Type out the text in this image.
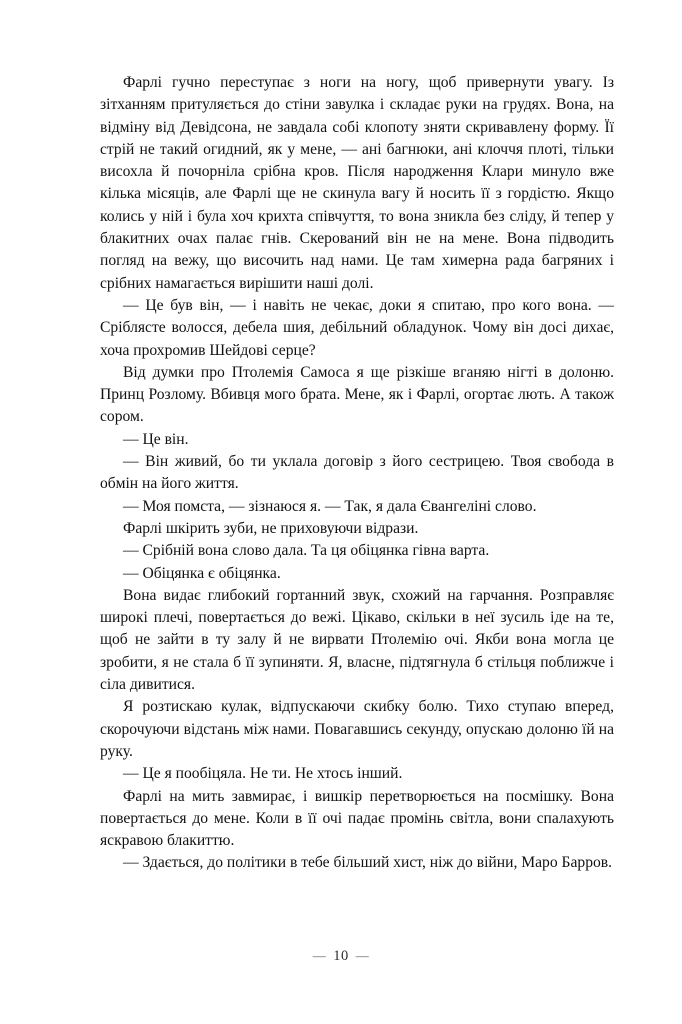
Фарлі гучно переступає з ноги на ногу, щоб привернути увагу. Із зітханням притуляється до стіни завулка і складає руки на грудях. Вона, на відміну від Девідсона, не завдала собі клопоту зняти скривавлену форму. Її стрій не такий огидний, як у мене, — ані багнюки, ані клоччя плоті, тільки висохла й почорніла срібна кров. Після народження Клари минуло вже кілька місяців, але Фарлі ще не скинула вагу й носить її з гордістю. Якщо колись у ній і була хоч крихта співчуття, то вона зникла без сліду, й тепер у блакитних очах палає гнів. Скерований він не на мене. Вона підводить погляд на вежу, що височить над нами. Це там химерна рада багряних і срібних намагається вирішити наші долі.

— Це був він, — і навіть не чекає, доки я спитаю, про кого вона. — Сріблясте волосся, дебела шия, дебільний обладунок. Чому він досі дихає, хоча прохромив Шейдові серце?

Від думки про Птолемія Самоса я ще різкіше вганяю нігті в долоню. Принц Розлому. Вбивця мого брата. Мене, як і Фарлі, огортає лють. А також сором.

— Це він.

— Він живий, бо ти уклала договір з його сестрицею. Твоя свобода в обмін на його життя.

— Моя помста, — зізнаюся я. — Так, я дала Євангеліні слово.

Фарлі шкірить зуби, не приховуючи відрази.

— Срібній вона слово дала. Та ця обіцянка гівна варта.

— Обіцянка є обіцянка.

Вона видає глибокий гортанний звук, схожий на гарчання. Розправляє широкі плечі, повертається до вежі. Цікаво, скільки в неї зусиль іде на те, щоб не зайти в ту залу й не вирвати Птолемію очі. Якби вона могла це зробити, я не стала б її зупиняти. Я, власне, підтягнула б стільця поближче і сіла дивитися.

Я розтискаю кулак, відпускаючи скибку болю. Тихо ступаю вперед, скорочуючи відстань між нами. Повагавшись секунду, опускаю долоню їй на руку.

— Це я пообіцяла. Не ти. Не хтось інший.

Фарлі на мить завмирає, і вишкір перетворюється на посмішку. Вона повертається до мене. Коли в її очі падає промінь світла, вони спалахують яскравою блакиттю.

— Здається, до політики в тебе більший хист, ніж до війни, Маро Барров.

— 10 —
